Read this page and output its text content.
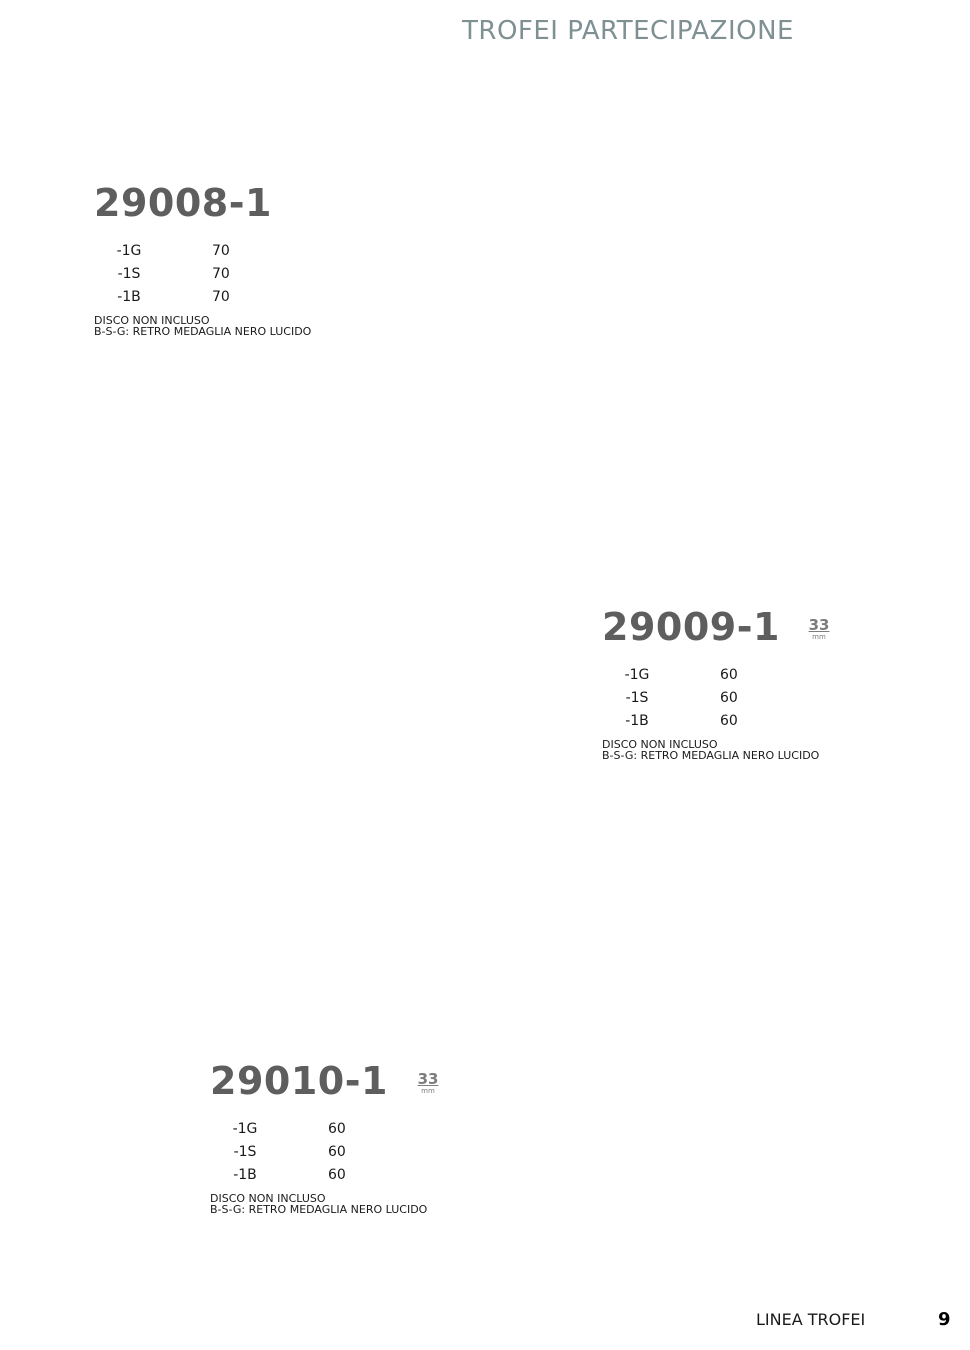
TROFEI PARTECIPAZIONE
29008-1
-1G	70
-1S	70
-1B	70
DISCO NON INCLUSO
B-S-G: RETRO MEDAGLIA NERO LUCIDO
29009-1	33
mm
-1G	60
-1S	60
-1B	60
DISCO NON INCLUSO
B-S-G: RETRO MEDAGLIA NERO LUCIDO
29010-1	33
mm
-1G	60
-1S	60
-1B	60
DISCO NON INCLUSO
B-S-G: RETRO MEDAGLIA NERO LUCIDO
LINEA TROFEI	9
